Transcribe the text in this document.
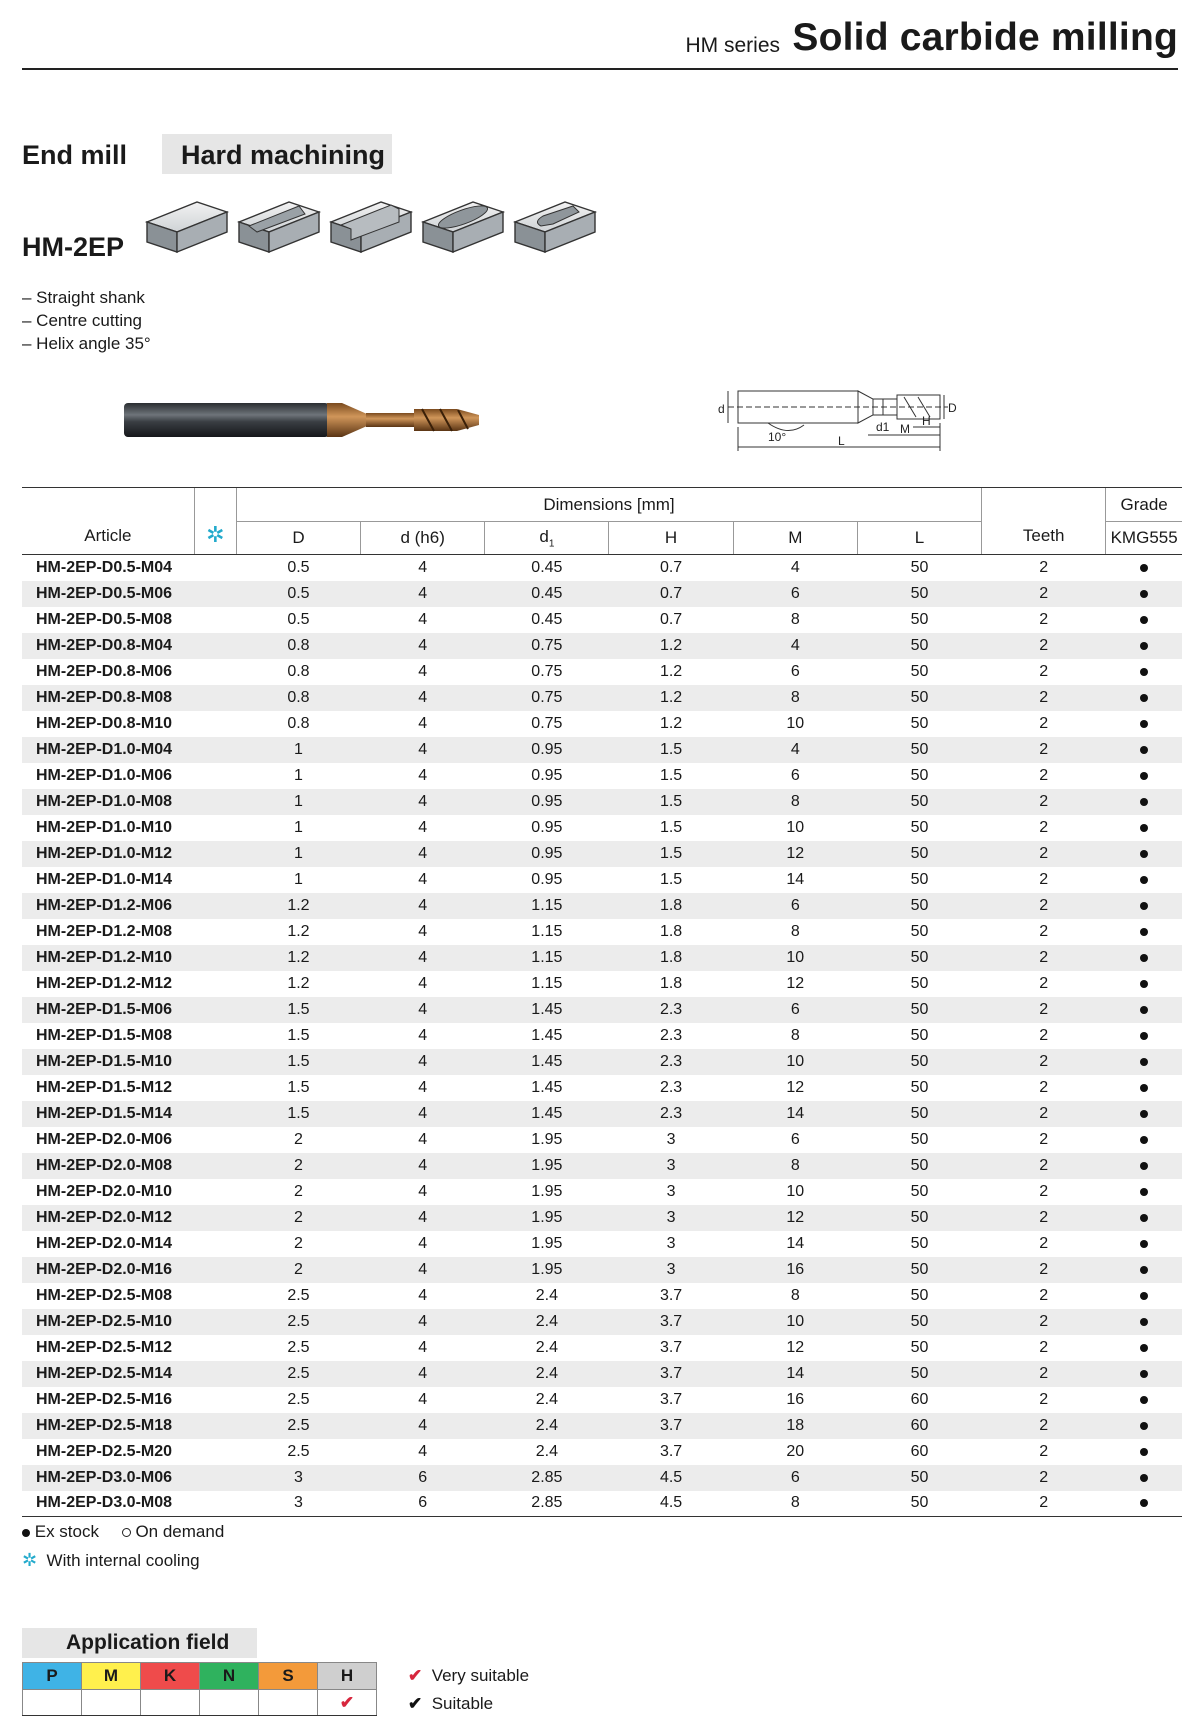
HM series Solid carbide milling
End mill	Hard machining
HM-2EP
– Straight shank
– Centre cutting
– Helix angle 35°
d
10°	L
d1 M
H
D
Article	✲	Dimensions [mm]						Teeth	Grade
		D	d (h6)	$d_1$	H	M	L		KMG555
HM-2EP-D0.5-M04		0.5	4	0.45	0.7	4	50	2	
HM-2EP-D0.5-M06		0.5	4	0.45	0.7	6	50	2	
HM-2EP-D0.5-M08		0.5	4	0.45	0.7	8	50	2	
HM-2EP-D0.8-M04		0.8	4	0.75	1.2	4	50	2	
HM-2EP-D0.8-M06		0.8	4	0.75	1.2	6	50	2	
HM-2EP-D0.8-M08		0.8	4	0.75	1.2	8	50	2	
HM-2EP-D0.8-M10		0.8	4	0.75	1.2	10	50	2	
HM-2EP-D1.0-M04		1	4	0.95	1.5	4	50	2	
HM-2EP-D1.0-M06		1	4	0.95	1.5	6	50	2	
HM-2EP-D1.0-M08		1	4	0.95	1.5	8	50	2	
HM-2EP-D1.0-M10		1	4	0.95	1.5	10	50	2	
HM-2EP-D1.0-M12		1	4	0.95	1.5	12	50	2	
HM-2EP-D1.0-M14		1	4	0.95	1.5	14	50	2	
HM-2EP-D1.2-M06		1.2	4	1.15	1.8	6	50	2	
HM-2EP-D1.2-M08		1.2	4	1.15	1.8	8	50	2	
HM-2EP-D1.2-M10		1.2	4	1.15	1.8	10	50	2	
HM-2EP-D1.2-M12		1.2	4	1.15	1.8	12	50	2	
HM-2EP-D1.5-M06		1.5	4	1.45	2.3	6	50	2	
HM-2EP-D1.5-M08		1.5	4	1.45	2.3	8	50	2	
HM-2EP-D1.5-M10		1.5	4	1.45	2.3	10	50	2	
HM-2EP-D1.5-M12		1.5	4	1.45	2.3	12	50	2	
HM-2EP-D1.5-M14		1.5	4	1.45	2.3	14	50	2	
HM-2EP-D2.0-M06		2	4	1.95	3	6	50	2	
HM-2EP-D2.0-M08		2	4	1.95	3	8	50	2	
HM-2EP-D2.0-M10		2	4	1.95	3	10	50	2	
HM-2EP-D2.0-M12		2	4	1.95	3	12	50	2	
HM-2EP-D2.0-M14		2	4	1.95	3	14	50	2	
HM-2EP-D2.0-M16		2	4	1.95	3	16	50	2	
HM-2EP-D2.5-M08		2.5	4	2.4	3.7	8	50	2	
HM-2EP-D2.5-M10		2.5	4	2.4	3.7	10	50	2	
HM-2EP-D2.5-M12		2.5	4	2.4	3.7	12	50	2	
HM-2EP-D2.5-M14		2.5	4	2.4	3.7	14	50	2	
HM-2EP-D2.5-M16		2.5	4	2.4	3.7	16	60	2	
HM-2EP-D2.5-M18		2.5	4	2.4	3.7	18	60	2	
HM-2EP-D2.5-M20		2.5	4	2.4	3.7	20	60	2	
HM-2EP-D3.0-M06		3	6	2.85	4.5	6	50	2	
HM-2EP-D3.0-M08		3	6	2.85	4.5	8	50	2	
Ex stock On demand
✲ With internal cooling
Application field
P	M	K	N	S	H
					✔
✔ Very suitable
✔ Suitable
